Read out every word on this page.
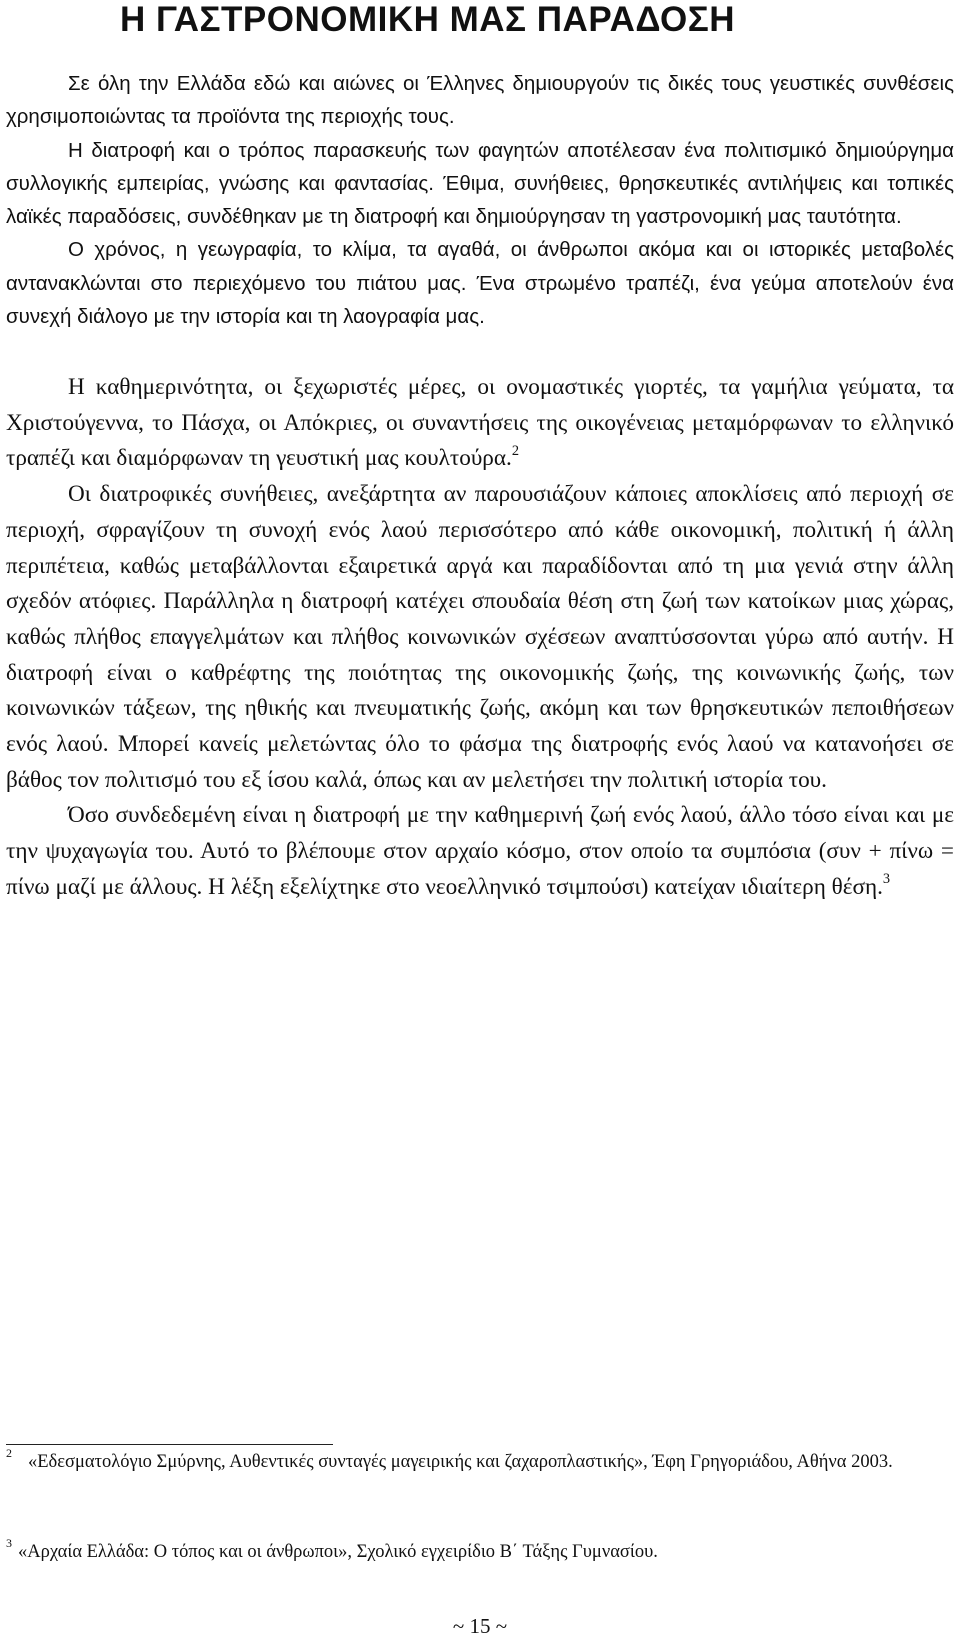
Η ΓΑΣΤΡΟΝΟΜΙΚΗ ΜΑΣ ΠΑΡΑΔΟΣΗ

Σε όλη την Ελλάδα εδώ και αιώνες οι Έλληνες δημιουργούν τις δικές τους γευστικές συνθέσεις χρησιμοποιώντας τα προϊόντα της περιοχής τους.

Η διατροφή και ο τρόπος παρασκευής των φαγητών αποτέλεσαν ένα πολιτισμικό δημιούργημα συλλογικής εμπειρίας, γνώσης και φαντασίας. Έθιμα, συνήθειες, θρησκευτικές αντιλήψεις και τοπικές λαϊκές παραδόσεις, συνδέθηκαν με τη διατροφή και δημιούργησαν τη γαστρονομική μας ταυτότητα.

Ο χρόνος, η γεωγραφία, το κλίμα, τα αγαθά, οι άνθρωποι ακόμα και οι ιστορικές μεταβολές αντανακλώνται στο περιεχόμενο του πιάτου μας. Ένα στρωμένο τραπέζι, ένα γεύμα αποτελούν ένα συνεχή διάλογο με την ιστορία και τη λαογραφία μας.

Η καθημερινότητα, οι ξεχωριστές μέρες, οι ονομαστικές γιορτές, τα γαμήλια γεύματα, τα Χριστούγεννα, το Πάσχα, οι Απόκριες, οι συναντήσεις της οικογένειας μεταμόρφωναν το ελληνικό τραπέζι και διαμόρφωναν τη γευστική μας κουλτούρα.$^2$

Οι διατροφικές συνήθειες, ανεξάρτητα αν παρουσιάζουν κάποιες αποκλίσεις από περιοχή σε περιοχή, σφραγίζουν τη συνοχή ενός λαού περισσότερο από κάθε οικονομική, πολιτική ή άλλη περιπέτεια, καθώς μεταβάλλονται εξαιρετικά αργά και παραδίδονται από τη μια γενιά στην άλλη σχεδόν ατόφιες. Παράλληλα η διατροφή κατέχει σπουδαία θέση στη ζωή των κατοίκων μιας χώρας, καθώς πλήθος επαγγελμάτων και πλήθος κοινωνικών σχέσεων αναπτύσσονται γύρω από αυτήν. Η διατροφή είναι ο καθρέφτης της ποιότητας της οικονομικής ζωής, της κοινωνικής ζωής, των κοινωνικών τάξεων, της ηθικής και πνευματικής ζωής, ακόμη και των θρησκευτικών πεποιθήσεων ενός λαού. Μπορεί κανείς μελετώντας όλο το φάσμα της διατροφής ενός λαού να κατανοήσει σε βάθος τον πολιτισμό του εξ ίσου καλά, όπως και αν μελετήσει την πολιτική ιστορία του.

Όσο συνδεδεμένη είναι η διατροφή με την καθημερινή ζωή ενός λαού, άλλο τόσο είναι και με την ψυχαγωγία του. Αυτό το βλέπουμε στον αρχαίο κόσμο, στον οποίο τα συμπόσια (συν + πίνω = πίνω μαζί με άλλους. Η λέξη εξελίχτηκε στο νεοελληνικό τσιμπούσι) κατείχαν ιδιαίτερη θέση.$^3$

$^2$ «Εδεσματολόγιο Σμύρνης, Αυθεντικές συνταγές μαγειρικής και ζαχαροπλαστικής», Έφη Γρηγοριάδου, Αθήνα 2003.

$^3$ «Αρχαία Ελλάδα: Ο τόπος και οι άνθρωποι», Σχολικό εγχειρίδιο Β΄ Τάξης Γυμνασίου.

~ 15 ~
